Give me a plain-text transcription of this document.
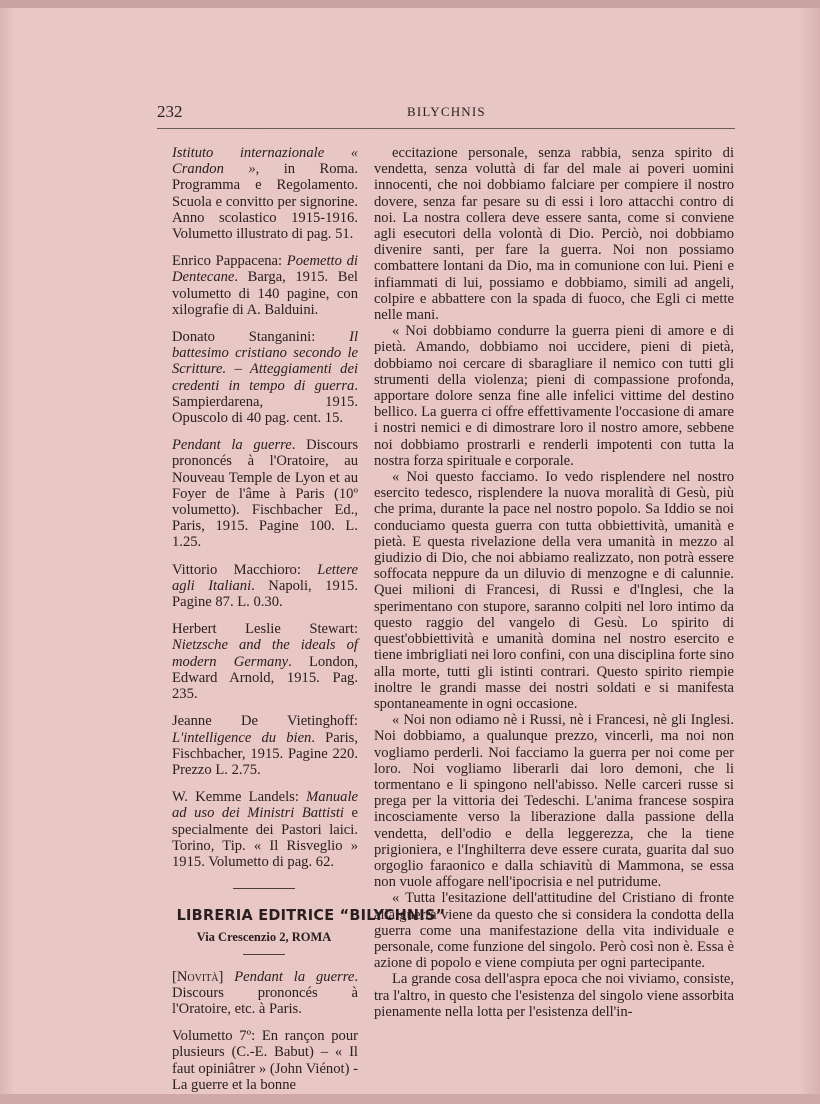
232	BILYCHNIS

Istituto internazionale « Crandon », in Roma. Programma e Regolamento. Scuola e convitto per signorine. Anno scolastico 1915-1916. Volumetto illustrato di pag. 51.

Enrico Pappacena: Poemetto di Dentecane. Barga, 1915. Bel volumetto di 140 pagine, con xilografie di A. Balduini.

Donato Stanganini: Il battesimo cristiano secondo le Scritture. – Atteggiamenti dei credenti in tempo di guerra. Sampierdarena, 1915. Opuscolo di 40 pag. cent. 15.

Pendant la guerre. Discours prononcés à l'Oratoire, au Nouveau Temple de Lyon et au Foyer de l'âme à Paris (10º volumetto). Fischbacher Ed., Paris, 1915. Pagine 100. L. 1.25.

Vittorio Macchioro: Lettere agli Italiani. Napoli, 1915. Pagine 87. L. 0.30.

Herbert Leslie Stewart: Nietzsche and the ideals of modern Germany. London, Edward Arnold, 1915. Pag. 235.

Jeanne De Vietinghoff: L'intelligence du bien. Paris, Fischbacher, 1915. Pagine 220. Prezzo L. 2.75.

W. Kemme Landels: Manuale ad uso dei Ministri Battisti e specialmente dei Pastori laici. Torino, Tip. « Il Risveglio » 1915. Volumetto di pag. 62.

LIBRERIA EDITRICE “BILYCHNIS”
Via Crescenzio 2, ROMA

[Novità] Pendant la guerre. Discours prononcés à l'Oratoire, etc. à Paris.

Volumetto 7º: En rançon pour plusieurs (C.-E. Babut) – « Il faut opiniâtrer » (John Viénot) - La guerre et la bonne

eccitazione personale, senza rabbia, senza spirito di vendetta, senza voluttà di far del male ai poveri uomini innocenti, che noi dobbiamo falciare per compiere il nostro dovere, senza far pesare su di essi i loro attacchi contro di noi. La nostra collera deve essere santa, come si conviene agli esecutori della volontà di Dio. Perciò, noi dobbiamo divenire santi, per fare la guerra. Noi non possiamo combattere lontani da Dio, ma in comunione con lui. Pieni e infiammati di lui, possiamo e dobbiamo, simili ad angeli, colpire e abbattere con la spada di fuoco, che Egli ci mette nelle mani.

« Noi dobbiamo condurre la guerra pieni di amore e di pietà. Amando, dobbiamo noi uccidere, pieni di pietà, dobbiamo noi cercare di sbaragliare il nemico con tutti gli strumenti della violenza; pieni di compassione profonda, apportare dolore senza fine alle infelici vittime del destino bellico. La guerra ci offre effettivamente l'occasione di amare i nostri nemici e di dimostrare loro il nostro amore, sebbene noi dobbiamo prostrarli e renderli impotenti con tutta la nostra forza spirituale e corporale.

« Noi questo facciamo. Io vedo risplendere nel nostro esercito tedesco, risplendere la nuova moralità di Gesù, più che prima, durante la pace nel nostro popolo. Sa Iddio se noi conduciamo questa guerra con tutta obbiettività, umanità e pietà. E questa rivelazione della vera umanità in mezzo al giudizio di Dio, che noi abbiamo realizzato, non potrà essere soffocata neppure da un diluvio di menzogne e di calunnie. Quei milioni di Francesi, di Russi e d'Inglesi, che la sperimentano con stupore, saranno colpiti nel loro intimo da questo raggio del vangelo di Gesù. Lo spirito di quest'obbiettività e umanità domina nel nostro esercito e tiene imbrigliati nei loro confini, con una disciplina forte sino alla morte, tutti gli istinti contrari. Questo spirito riempie inoltre le grandi masse dei nostri soldati e si manifesta spontaneamente in ogni occasione.

« Noi non odiamo nè i Russi, nè i Francesi, nè gli Inglesi. Noi dobbiamo, a qualunque prezzo, vincerli, ma noi non vogliamo perderli. Noi facciamo la guerra per noi come per loro. Noi vogliamo liberarli dai loro demoni, che li tormentano e li spingono nell'abisso. Nelle carceri russe si prega per la vittoria dei Tedeschi. L'anima francese sospira incosciamente verso la liberazione dalla passione della vendetta, dell'odio e della leggerezza, che la tiene prigioniera, e l'Inghilterra deve essere curata, guarita dal suo orgoglio faraonico e dalla schiavitù di Mammona, se essa non vuole affogare nell'ipocrisia e nel putridume.

« Tutta l'esitazione dell'attitudine del Cristiano di fronte alla guerra viene da questo che si considera la condotta della guerra come una manifestazione della vita individuale e personale, come funzione del singolo. Però così non è. Essa è azione di popolo e viene compiuta per ogni partecipante.

La grande cosa dell'aspra epoca che noi viviamo, consiste, tra l'altro, in questo che l'esistenza del singolo viene assorbita pienamente nella lotta per l'esistenza dell'in-
